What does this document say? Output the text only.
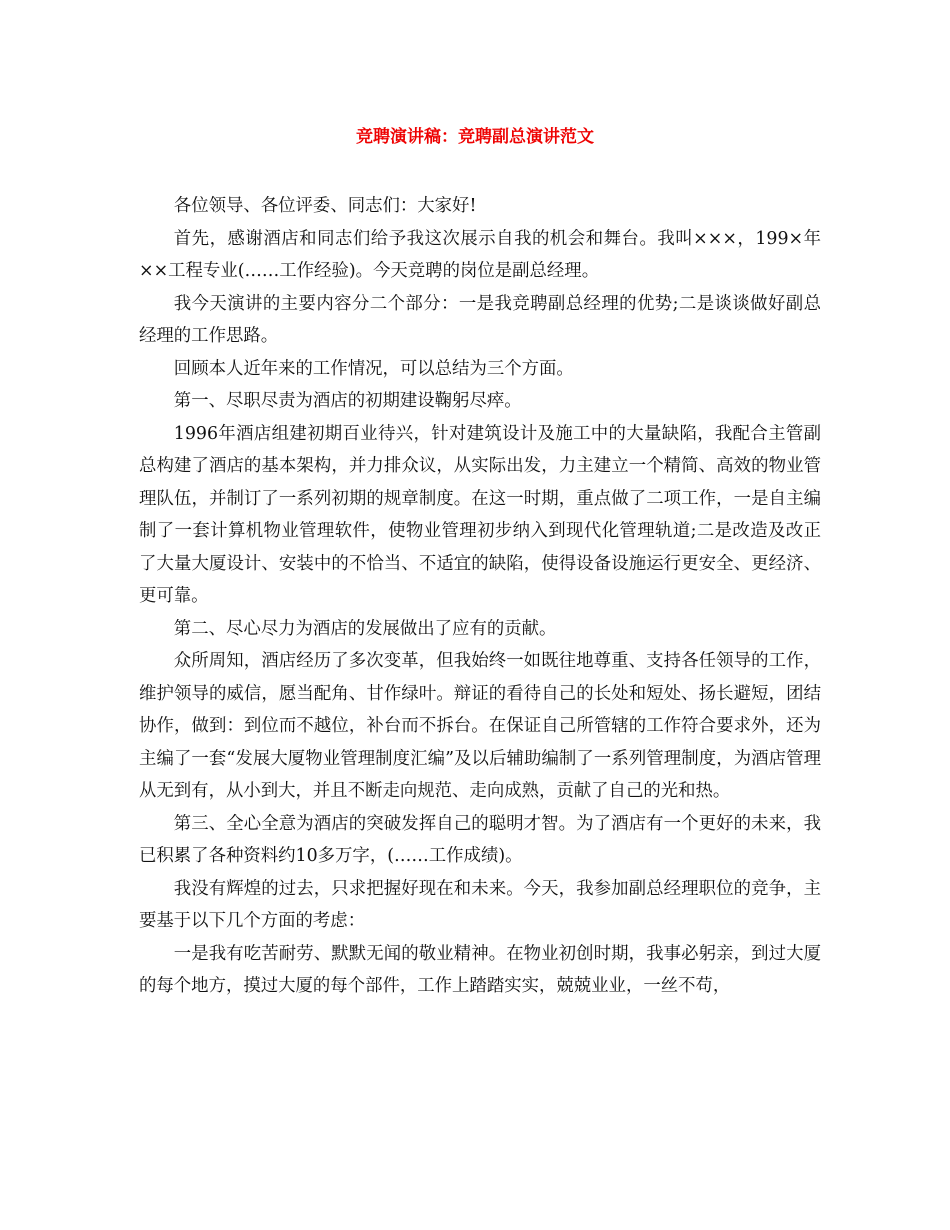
竞聘演讲稿：竞聘副总演讲范文

各位领导、各位评委、同志们：大家好!

首先，感谢酒店和同志们给予我这次展示自我的机会和舞台。我叫×××，199×年××工程专业(……工作经验)。今天竞聘的岗位是副总经理。

我今天演讲的主要内容分二个部分：一是我竞聘副总经理的优势;二是谈谈做好副总经理的工作思路。

回顾本人近年来的工作情况，可以总结为三个方面。

第一、尽职尽责为酒店的初期建设鞠躬尽瘁。

1996年酒店组建初期百业待兴，针对建筑设计及施工中的大量缺陷，我配合主管副总构建了酒店的基本架构，并力排众议，从实际出发，力主建立一个精简、高效的物业管理队伍，并制订了一系列初期的规章制度。在这一时期，重点做了二项工作，一是自主编制了一套计算机物业管理软件，使物业管理初步纳入到现代化管理轨道;二是改造及改正了大量大厦设计、安装中的不恰当、不适宜的缺陷，使得设备设施运行更安全、更经济、更可靠。

第二、尽心尽力为酒店的发展做出了应有的贡献。

众所周知，酒店经历了多次变革，但我始终一如既往地尊重、支持各任领导的工作，维护领导的威信，愿当配角、甘作绿叶。辩证的看待自己的长处和短处、扬长避短，团结协作，做到：到位而不越位，补台而不拆台。在保证自己所管辖的工作符合要求外，还为主编了一套“发展大厦物业管理制度汇编”及以后辅助编制了一系列管理制度，为酒店管理从无到有，从小到大，并且不断走向规范、走向成熟，贡献了自己的光和热。

第三、全心全意为酒店的突破发挥自己的聪明才智。为了酒店有一个更好的未来，我已积累了各种资料约10多万字，(……工作成绩)。

我没有辉煌的过去，只求把握好现在和未来。今天，我参加副总经理职位的竞争，主要基于以下几个方面的考虑：

一是我有吃苦耐劳、默默无闻的敬业精神。在物业初创时期，我事必躬亲，到过大厦的每个地方，摸过大厦的每个部件，工作上踏踏实实，兢兢业业，一丝不苟，
